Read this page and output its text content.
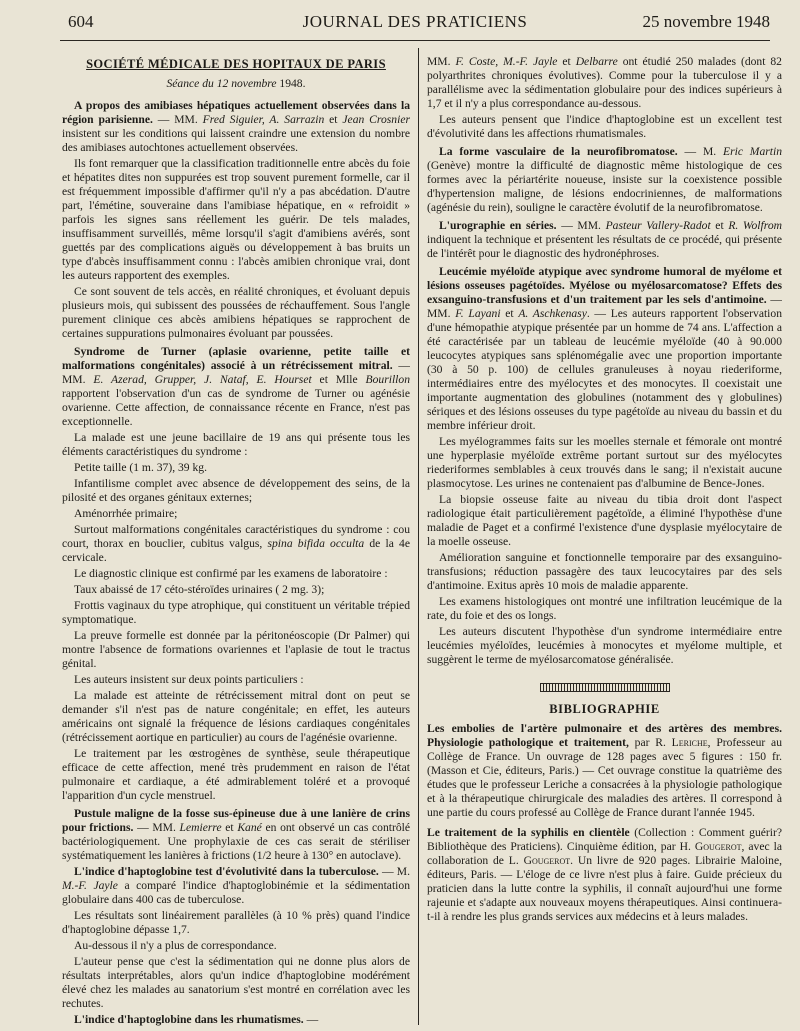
604	JOURNAL DES PRATICIENS	25 novembre 1948
SOCIÉTÉ MÉDICALE DES HOPITAUX DE PARIS
Séance du 12 novembre 1948.

A propos des amibiases hépatiques actuellement observées dans la région parisienne. — MM. Fred Siguier, A. Sarrazin et Jean Crosnier insistent sur les conditions qui laissent craindre une extension du nombre des amibiases autochtones actuellement observées.

Ils font remarquer que la classification traditionnelle entre abcès du foie et hépatites dites non suppurées est trop souvent purement formelle, car il est fréquemment impossible d'affirmer qu'il n'y a pas abcédation. D'autre part, l'émétine, souveraine dans l'amibiase hépatique, en « refroidit » parfois les signes sans réellement les guérir. De tels malades, insuffisamment surveillés, même lorsqu'il s'agit d'amibiens avérés, sont guettés par des complications aiguës ou développement à bas bruits un type d'abcès insuffisamment connu : l'abcès amibien chronique vrai, dont les auteurs rapportent des exemples.

Ce sont souvent de tels accès, en réalité chroniques, et évoluant depuis plusieurs mois, qui subissent des poussées de réchauffement. Sous l'angle purement clinique ces abcès amibiens hépatiques se rapprochent de certaines suppurations pulmonaires évoluant par poussées.

Syndrome de Turner (aplasie ovarienne, petite taille et malformations congénitales) associé à un rétrécissement mitral. — MM. E. Azerad, Grupper, J. Nataf, E. Hourset et Mlle Bourillon rapportent l'observation d'un cas de syndrome de Turner ou agénésie ovarienne. Cette affection, de connaissance récente en France, n'est pas exceptionnelle.

La malade est une jeune bacillaire de 19 ans qui présente tous les éléments caractéristiques du syndrome :

Petite taille (1 m. 37), 39 kg.

Infantilisme complet avec absence de développement des seins, de la pilosité et des organes génitaux externes;

Aménorrhée primaire;

Surtout malformations congénitales caractéristiques du syndrome : cou court, thorax en bouclier, cubitus valgus, spina bifida occulta de la 4e cervicale.

Le diagnostic clinique est confirmé par les examens de laboratoire :

Taux abaissé de 17 céto-stéroïdes urinaires ( 2 mg. 3);

Frottis vaginaux du type atrophique, qui constituent un véritable trépied symptomatique.

La preuve formelle est donnée par la péritonéoscopie (Dr Palmer) qui montre l'absence de formations ovariennes et l'aplasie de tout le tractus génital.

Les auteurs insistent sur deux points particuliers :

La malade est atteinte de rétrécissement mitral dont on peut se demander s'il n'est pas de nature congénitale; en effet, les auteurs américains ont signalé la fréquence de lésions cardiaques congénitales (rétrécissement aortique en particulier) au cours de l'agénésie ovarienne.

Le traitement par les œstrogènes de synthèse, seule thérapeutique efficace de cette affection, mené très prudemment en raison de l'état pulmonaire et cardiaque, a été admirablement toléré et a provoqué l'apparition d'un cycle menstruel.

Pustule maligne de la fosse sus-épineuse due à une lanière de crins pour frictions. — MM. Lemierre et Kané en ont observé un cas contrôlé bactériologiquement. Une prophylaxie de ces cas serait de stériliser systématiquement les lanières à frictions (1/2 heure à 130° en autoclave).

L'indice d'haptoglobine test d'évolutivité dans la tuberculose. — M. M.-F. Jayle a comparé l'indice d'haptoglobinémie et la sédimentation globulaire dans 400 cas de tuberculose.

Les résultats sont linéairement parallèles (à 10 % près) quand l'indice d'haptoglobine dépasse 1,7.

Au-dessous il n'y a plus de correspondance.

L'auteur pense que c'est la sédimentation qui ne donne plus alors de résultats interprétables, alors qu'un indice d'haptoglobine modérément élevé chez les malades au sanatorium s'est montré en corrélation avec les rechutes.

L'indice d'haptoglobine dans les rhumatismes. —

MM. F. Coste, M.-F. Jayle et Delbarre ont étudié 250 malades (dont 82 polyarthrites chroniques évolutives). Comme pour la tuberculose il y a parallélisme avec la sédimentation globulaire pour des indices supérieurs à 1,7 et il n'y a plus correspondance au-dessous.

Les auteurs pensent que l'indice d'haptoglobine est un excellent test d'évolutivité dans les affections rhumatismales.

La forme vasculaire de la neurofibromatose. — M. Eric Martin (Genève) montre la difficulté de diagnostic même histologique de ces formes avec la périartérite noueuse, insiste sur la coexistence possible d'hypertension maligne, de lésions endocriniennes, de malformations (agénésie du rein), souligne le caractère évolutif de la neurofibromatose.

L'urographie en séries. — MM. Pasteur Vallery-Radot et R. Wolfrom indiquent la technique et présentent les résultats de ce procédé, qui présente de l'intérêt pour le diagnostic des hydronéphroses.

Leucémie myéloïde atypique avec syndrome humoral de myélome et lésions osseuses pagétoïdes. Myélose ou myélosarcomatose? Effets des exsanguino-transfusions et d'un traitement par les sels d'antimoine. — MM. F. Layani et A. Aschkenasy. — Les auteurs rapportent l'observation d'une hémopathie atypique présentée par un homme de 74 ans. L'affection a été caractérisée par un tableau de leucémie myéloïde (40 à 90.000 leucocytes atypiques sans splénomégalie avec une proportion importante (30 à 50 p. 100) de cellules granuleuses à noyau riederiforme, intermédiaires entre des myélocytes et des monocytes. Il coexistait une importante augmentation des globulines (notamment des γ globulines) sériques et des lésions osseuses du type pagétoïde au niveau du bassin et du membre inférieur droit.

Les myélogrammes faits sur les moelles sternale et fémorale ont montré une hyperplasie myéloïde extrême portant surtout sur des myélocytes riederiformes semblables à ceux trouvés dans le sang; il n'existait aucune plasmocytose. Les urines ne contenaient pas d'albumine de Bence-Jones.

La biopsie osseuse faite au niveau du tibia droit dont l'aspect radiologique était particulièrement pagétoïde, a éliminé l'hypothèse d'une maladie de Paget et a confirmé l'existence d'une dysplasie myélocytaire de la moelle osseuse.

Amélioration sanguine et fonctionnelle temporaire par des exsanguino-transfusions; réduction passagère des taux leucocytaires par des sels d'antimoine. Exitus après 10 mois de maladie apparente.

Les examens histologiques ont montré une infiltration leucémique de la rate, du foie et des os longs.

Les auteurs discutent l'hypothèse d'un syndrome intermédiaire entre leucémies myéloïdes, leucémies à monocytes et myélome multiple, et suggèrent le terme de myélosarcomatose généralisée.

BIBLIOGRAPHIE

Les embolies de l'artère pulmonaire et des artères des membres. Physiologie pathologique et traitement, par R. Leriche, Professeur au Collège de France. Un ouvrage de 128 pages avec 5 figures : 150 fr. (Masson et Cie, éditeurs, Paris.) — Cet ouvrage constitue la quatrième des études que le professeur Leriche a consacrées à la physiologie pathologique et à la thérapeutique chirurgicale des maladies des artères. Il correspond à une partie du cours professé au Collège de France durant l'année 1945.

Le traitement de la syphilis en clientèle (Collection : Comment guérir? Bibliothèque des Praticiens). Cinquième édition, par H. Gougerot, avec la collaboration de L. Gougerot. Un livre de 920 pages. Librairie Maloine, éditeurs, Paris. — L'éloge de ce livre n'est plus à faire. Guide précieux du praticien dans la lutte contre la syphilis, il connaît aujourd'hui une forme rajeunie et s'adapte aux nouveaux moyens thérapeutiques. Ainsi continuera-t-il à rendre les plus grands services aux médecins et à leurs malades.
